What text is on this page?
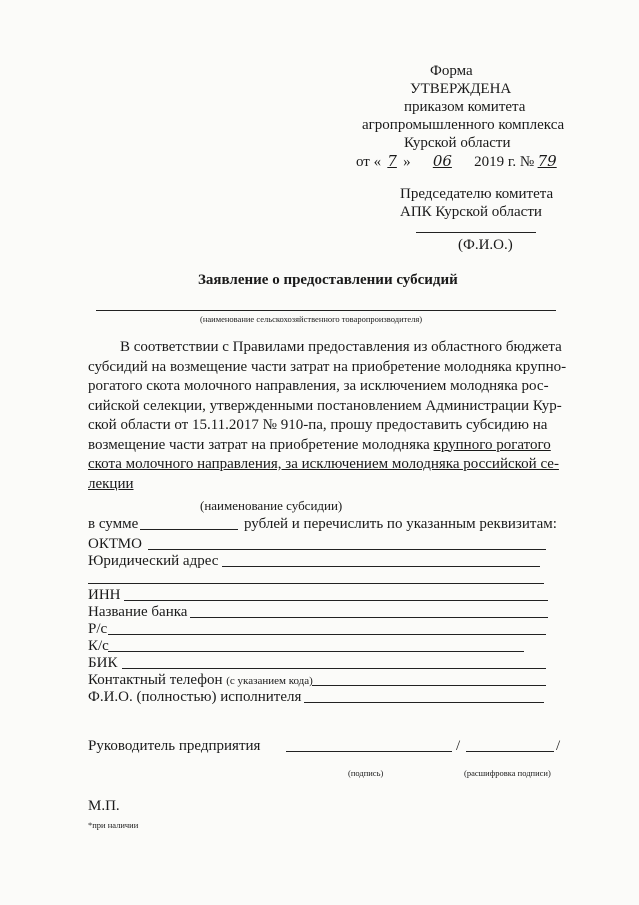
Форма
УТВЕРЖДЕНА
приказом комитета
агропромышленного комплекса
Курской области
от « 7 » 06 2019 г. № 79
Председателю комитета
АПК Курской области
(Ф.И.О.)
Заявление о предоставлении субсидий
(наименование сельскохозяйственного товаропроизводителя)
В соответствии с Правилами предоставления из областного бюджета
субсидий на возмещение части затрат на приобретение молодняка крупно-
рогатого скота молочного направления, за исключением молодняка рос-
сийской селекции, утвержденными постановлением Администрации Кур-
ской области от 15.11.2017 № 910-па, прошу предоставить субсидию на
возмещение части затрат на приобретение молодняка крупного рогатого
скота молочного направления, за исключением молодняка российской се-
лекции
(наименование субсидии)
в сумме	рублей и перечислить по указанным реквизитам:
ОКТМО
Юридический адрес
ИНН
Название банка
Р/с
К/с
БИК
Контактный телефон (с указанием кода)
Ф.И.О. (полностью) исполнителя
Руководитель предприятия	/	/
(подпись)	(расшифровка подписи)
М.П.
*при наличии
